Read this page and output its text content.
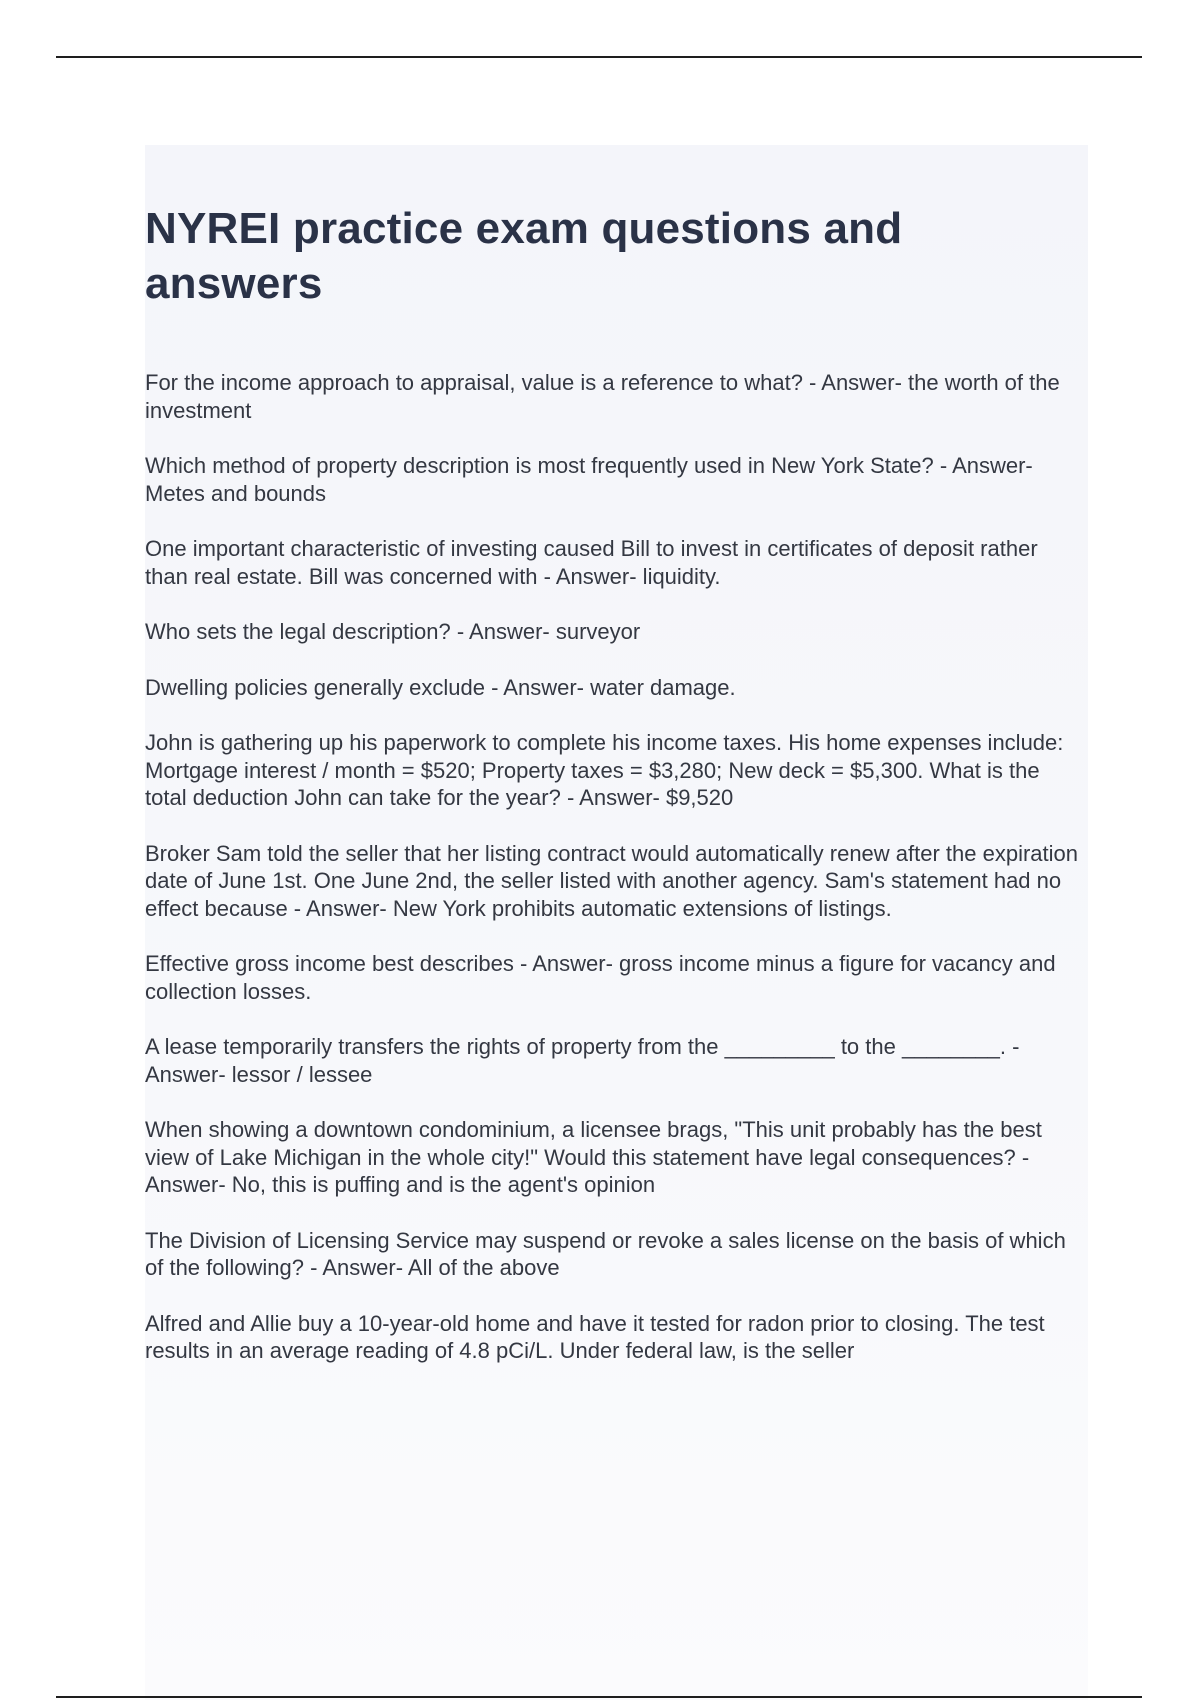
NYREI practice exam questions and answers

For the income approach to appraisal, value is a reference to what? - Answer- the worth of the investment

Which method of property description is most frequently used in New York State? - Answer- Metes and bounds

One important characteristic of investing caused Bill to invest in certificates of deposit rather than real estate. Bill was concerned with - Answer- liquidity.

Who sets the legal description? - Answer- surveyor

Dwelling policies generally exclude - Answer- water damage.

John is gathering up his paperwork to complete his income taxes. His home expenses include: Mortgage interest / month = $520; Property taxes = $3,280; New deck = $5,300. What is the total deduction John can take for the year? - Answer- $9,520

Broker Sam told the seller that her listing contract would automatically renew after the expiration date of June 1st. One June 2nd, the seller listed with another agency. Sam's statement had no effect because - Answer- New York prohibits automatic extensions of listings.

Effective gross income best describes - Answer- gross income minus a figure for vacancy and collection losses.

A lease temporarily transfers the rights of property from the _________ to the ________. - Answer- lessor / lessee

When showing a downtown condominium, a licensee brags, "This unit probably has the best view of Lake Michigan in the whole city!" Would this statement have legal consequences? - Answer- No, this is puffing and is the agent's opinion

The Division of Licensing Service may suspend or revoke a sales license on the basis of which of the following? - Answer- All of the above

Alfred and Allie buy a 10-year-old home and have it tested for radon prior to closing. The test results in an average reading of 4.8 pCi/L. Under federal law, is the seller
